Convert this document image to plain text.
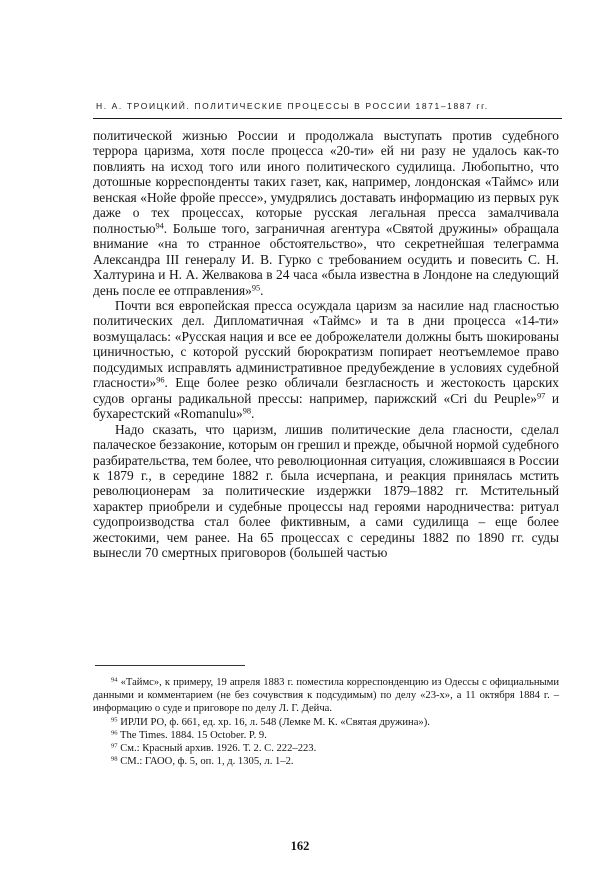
Н. А. ТРОИЦКИЙ. ПОЛИТИЧЕСКИЕ ПРОЦЕССЫ В РОССИИ 1871–1887 гг.

политической жизнью России и продолжала выступать против судебного террора царизма, хотя после процесса «20-ти» ей ни разу не удалось как-то повлиять на исход того или иного политического судилища. Любопытно, что дотошные корреспонденты таких газет, как, например, лондонская «Таймс» или венская «Нойе фройе прессе», умудрялись доставать информацию из первых рук даже о тех процессах, которые русская легальная пресса замалчивала полностью$^{94}$. Больше того, заграничная агентура «Святой дружины» обращала внимание «на то странное обстоятельство», что секретнейшая телеграмма Александра III генералу И. В. Гурко с требованием осудить и повесить С. Н. Халтурина и Н. А. Желвакова в 24 часа «была известна в Лондоне на следующий день после ее отправления»$^{95}$.

Почти вся европейская пресса осуждала царизм за насилие над гласностью политических дел. Дипломатичная «Таймс» и та в дни процесса «14-ти» возмущалась: «Русская нация и все ее доброжелатели должны быть шокированы циничностью, с которой русский бюрократизм попирает неотъемлемое право подсудимых исправлять административное предубеждение в условиях судебной гласности»$^{96}$. Еще более резко обличали безгласность и жестокость царских судов органы радикальной прессы: например, парижский «Cri du Peuple»$^{97}$ и бухарестский «Romanulu»$^{98}$.

Надо сказать, что царизм, лишив политические дела гласности, сделал палаческое беззаконие, которым он грешил и прежде, обычной нормой судебного разбирательства, тем более, что революционная ситуация, сложившаяся в России к 1879 г., в середине 1882 г. была исчерпана, и реакция принялась мстить революционерам за политические издержки 1879–1882 гг. Мстительный характер приобрели и судебные процессы над героями народничества: ритуал судопроизводства стал более фиктивным, а сами судилища – еще более жестокими, чем ранее. На 65 процессах с середины 1882 по 1890 гг. суды вынесли 70 смертных приговоров (большей частью

$^{94}$ «Таймс», к примеру, 19 апреля 1883 г. поместила корреспонденцию из Одессы с официальными данными и комментарием (не без сочувствия к подсудимым) по делу «23-х», а 11 октября 1884 г. – информацию о суде и приговоре по делу Л. Г. Дейча.

$^{95}$ ИРЛИ РО, ф. 661, ед. хр. 16, л. 548 (Лемке М. К. «Святая дружина»).

$^{96}$ The Times. 1884. 15 October. P. 9.

$^{97}$ См.: Красный архив. 1926. Т. 2. С. 222–223.

$^{98}$ СМ.: ГАОО, ф. 5, оп. 1, д. 1305, л. 1–2.

162
